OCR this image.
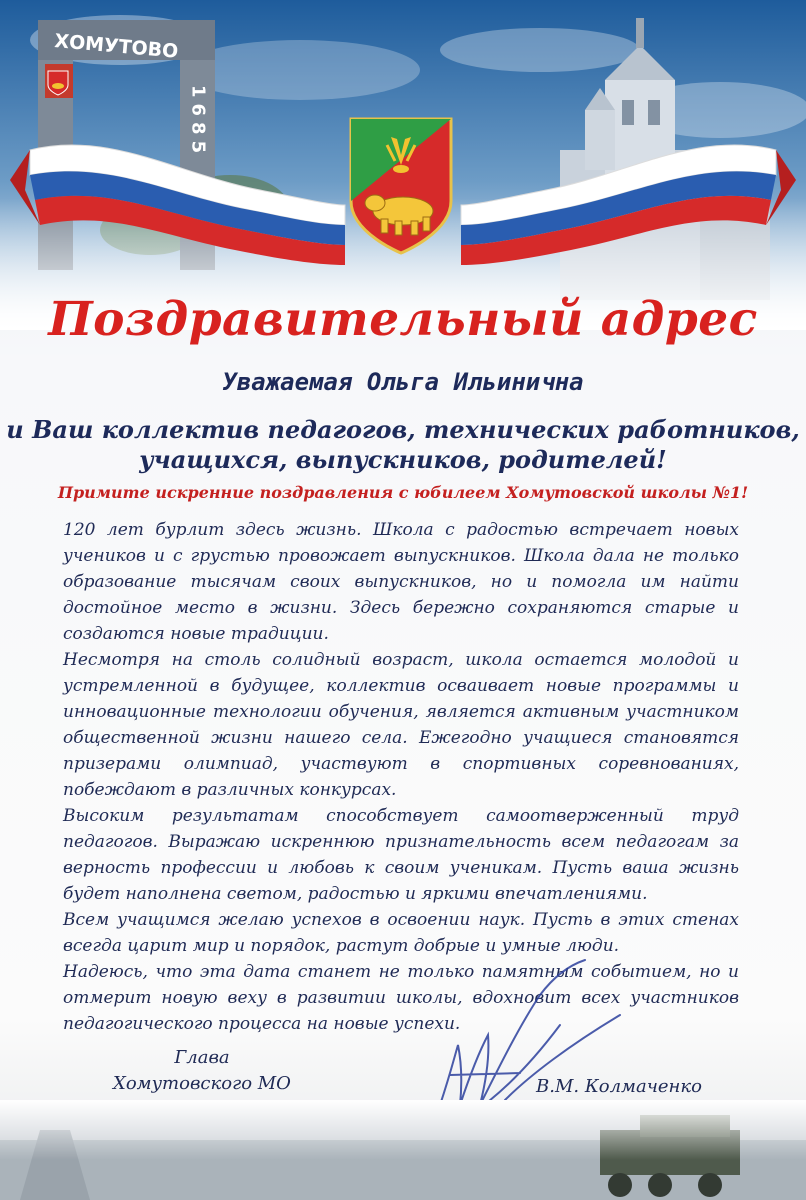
Поздравительный адрес
Уважаемая Ольга Ильинична
и Ваш коллектив педагогов, технических работников,
учащихся, выпускников, родителей!
Примите искренние поздравления с юбилеем Хомутовской школы №1!

120 лет бурлит здесь жизнь. Школа с радостью встречает новых учеников и с грустью провожает выпускников. Школа дала не только образование тысячам своих выпускников, но и помогла им найти достойное место в жизни. Здесь бережно сохраняются старые и создаются новые традиции.

Несмотря на столь солидный возраст, школа остается молодой и устремленной в будущее, коллектив осваивает новые программы и инновационные технологии обучения, является активным участником общественной жизни нашего села. Ежегодно учащиеся становятся призерами олимпиад, участвуют в спортивных соревнованиях, побеждают в различных конкурсах.

Высоким результатам способствует самоотверженный труд педагогов. Выражаю искреннюю признательность всем педагогам за верность профессии и любовь к своим ученикам. Пусть ваша жизнь будет наполнена светом, радостью и яркими впечатлениями.

Всем учащимся желаю успехов в освоении наук. Пусть в этих стенах всегда царит мир и порядок, растут добрые и умные люди.

Надеюсь, что эта дата станет не только памятным событием, но и отмерит новую веху в развитии школы, вдохновит всех участников педагогического процесса на новые успехи.

Глава
Хомутовского МО	В.М. Колмаченко
